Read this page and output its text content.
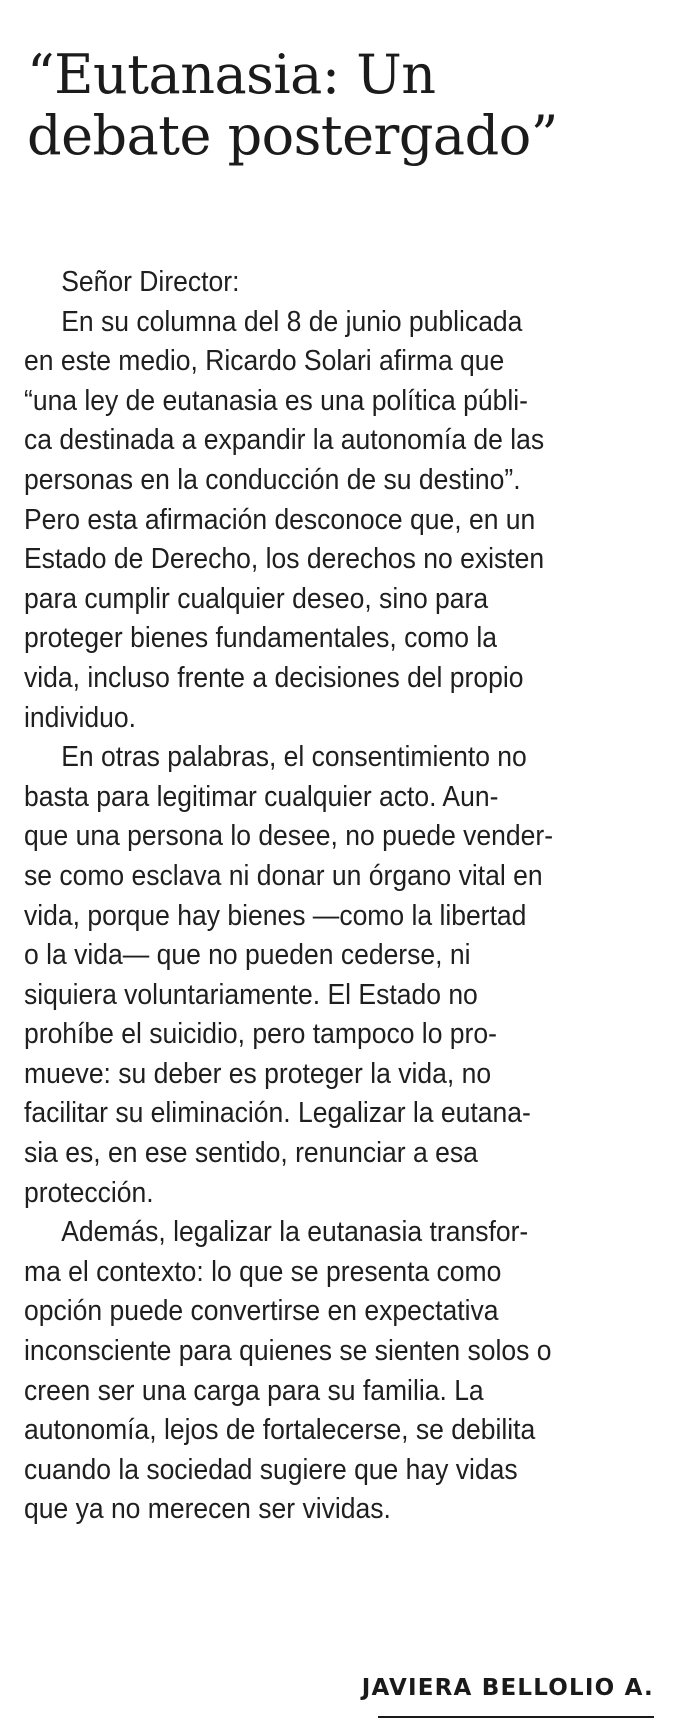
“Eutanasia: Un
debate postergado”
Señor Director:
En su columna del 8 de junio publicada
en este medio, Ricardo Solari afirma que
“una ley de eutanasia es una política públi-
ca destinada a expandir la autonomía de las
personas en la conducción de su destino”.
Pero esta afirmación desconoce que, en un
Estado de Derecho, los derechos no existen
para cumplir cualquier deseo, sino para
proteger bienes fundamentales, como la
vida, incluso frente a decisiones del propio
individuo.
En otras palabras, el consentimiento no
basta para legitimar cualquier acto. Aun-
que una persona lo desee, no puede vender-
se como esclava ni donar un órgano vital en
vida, porque hay bienes —como la libertad
o la vida— que no pueden cederse, ni
siquiera voluntariamente. El Estado no
prohíbe el suicidio, pero tampoco lo pro-
mueve: su deber es proteger la vida, no
facilitar su eliminación. Legalizar la eutana-
sia es, en ese sentido, renunciar a esa
protección.
Además, legalizar la eutanasia transfor-
ma el contexto: lo que se presenta como
opción puede convertirse en expectativa
inconsciente para quienes se sienten solos o
creen ser una carga para su familia. La
autonomía, lejos de fortalecerse, se debilita
cuando la sociedad sugiere que hay vidas
que ya no merecen ser vividas.
JAVIERA BELLOLIO A.
